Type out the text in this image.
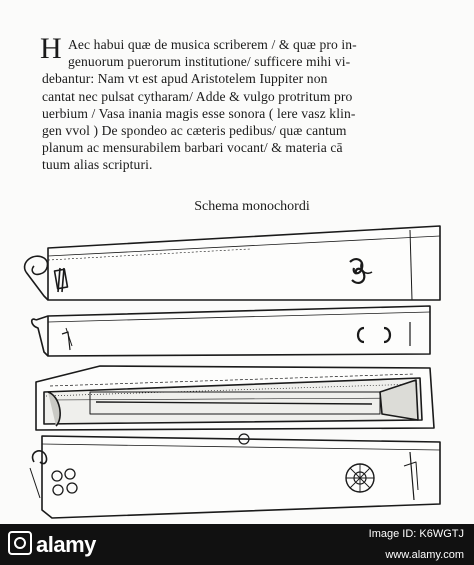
H Aec habui quæ de musica scriberem / & quæ pro in-
genuorum puerorum institutione/ sufficere mihi vi-
debantur: Nam vt est apud Aristotelem Iuppiter non
cantat nec pulsat cytharam/ Adde & vulgo protritum pro
uerbium / Vasa inania magis esse sonora ( lere vasz klin-
gen vvol ) De spondeo ac cæteris pedibus/ quæ cantum
planum ac mensurabilem barbari vocant/ & materia cā
tuum alias scripturi.
Schema monochordi
alamy	Image ID: K6WGTJ
www.alamy.com
